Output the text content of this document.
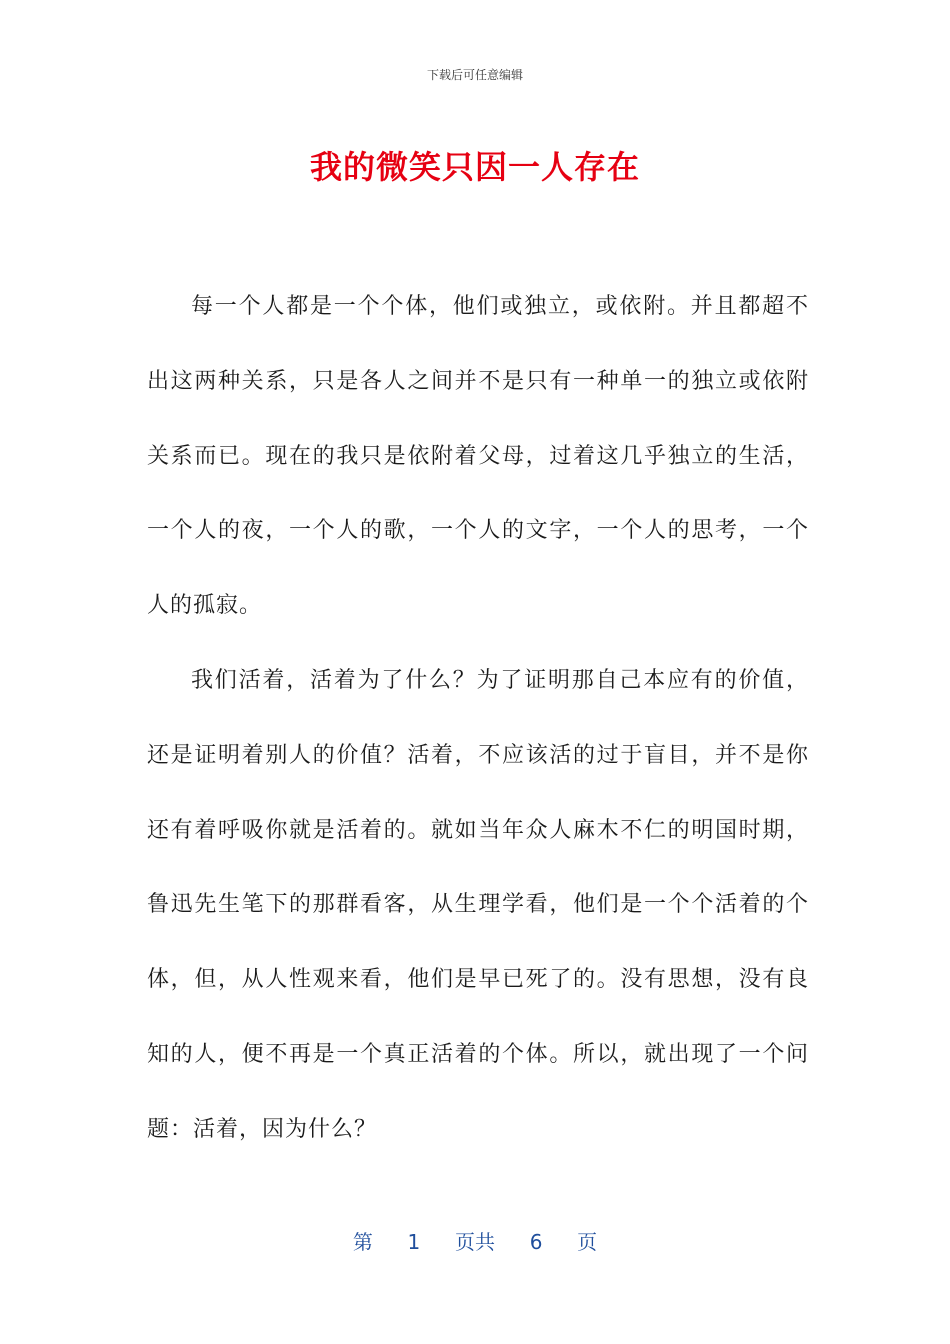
下载后可任意编辑
我的微笑只因一人存在

每一个人都是一个个体，他们或独立，或依附。并且都超不出这两种关系，只是各人之间并不是只有一种单一的独立或依附关系而已。现在的我只是依附着父母，过着这几乎独立的生活，一个人的夜，一个人的歌，一个人的文字，一个人的思考，一个人的孤寂。

我们活着，活着为了什么？为了证明那自己本应有的价值，还是证明着别人的价值？活着，不应该活的过于盲目，并不是你还有着呼吸你就是活着的。就如当年众人麻木不仁的明国时期，鲁迅先生笔下的那群看客，从生理学看，他们是一个个活着的个体，但，从人性观来看，他们是早已死了的。没有思想，没有良知的人，便不再是一个真正活着的个体。所以，就出现了一个问题：活着，因为什么？

第 1 页共 6 页
